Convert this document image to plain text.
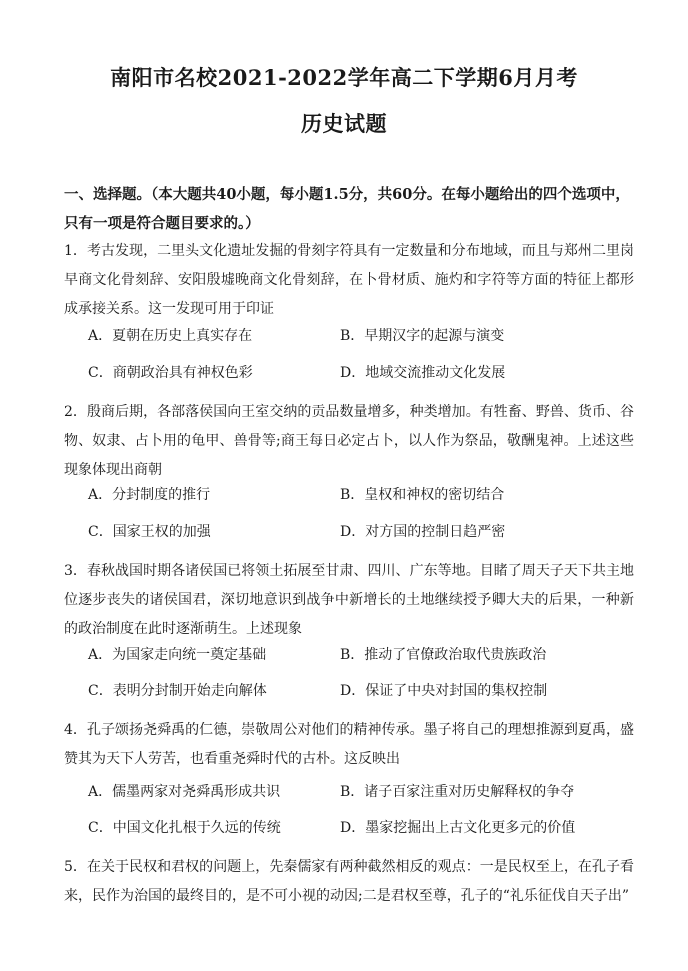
南阳市名校2021-2022学年高二下学期6月月考
历史试题
一、选择题。（本大题共40小题，每小题1.5分，共60分。在每小题给出的四个选项中，只有一项是符合题目要求的。）
1．考古发现，二里头文化遗址发掘的骨刻字符具有一定数量和分布地域，而且与郑州二里岗早商文化骨刻辞、安阳殷墟晚商文化骨刻辞，在卜骨材质、施灼和字符等方面的特征上都形成承接关系。这一发现可用于印证
A．夏朝在历史上真实存在	B．早期汉字的起源与演变
C．商朝政治具有神权色彩	D．地域交流推动文化发展
2．殷商后期，各部落侯国向王室交纳的贡品数量增多，种类增加。有牲畜、野兽、货币、谷物、奴隶、占卜用的龟甲、兽骨等;商王每日必定占卜，以人作为祭品，敬酬鬼神。上述这些现象体现出商朝
A．分封制度的推行	B．皇权和神权的密切结合
C．国家王权的加强	D．对方国的控制日趋严密
3．春秋战国时期各诸侯国已将领土拓展至甘肃、四川、广东等地。目睹了周天子天下共主地位逐步丧失的诸侯国君，深切地意识到战争中新增长的土地继续授予卿大夫的后果，一种新的政治制度在此时逐渐萌生。上述现象
A．为国家走向统一奠定基础	B．推动了官僚政治取代贵族政治
C．表明分封制开始走向解体	D．保证了中央对封国的集权控制
4．孔子颂扬尧舜禹的仁德，崇敬周公对他们的精神传承。墨子将自己的理想推源到夏禹，盛赞其为天下人劳苦，也看重尧舜时代的古朴。这反映出
A．儒墨两家对尧舜禹形成共识	B．诸子百家注重对历史解释权的争夺
C．中国文化扎根于久远的传统	D．墨家挖掘出上古文化更多元的价值
5．在关于民权和君权的问题上，先秦儒家有两种截然相反的观点：一是民权至上，在孔子看来，民作为治国的最终目的，是不可小视的动因;二是君权至尊，孔子的“礼乐征伐自天子出”
